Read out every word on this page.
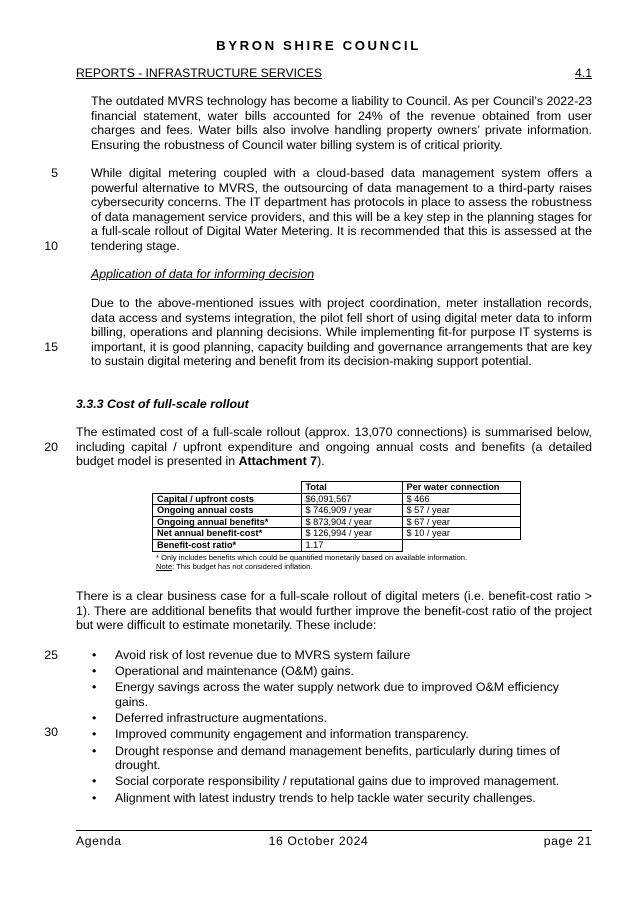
BYRON SHIRE COUNCIL
REPORTS - INFRASTRUCTURE SERVICES	4.1

The outdated MVRS technology has become a liability to Council. As per Council’s 2022-23 financial statement, water bills accounted for 24% of the revenue obtained from user charges and fees. Water bills also involve handling property owners’ private information. Ensuring the robustness of Council water billing system is of critical priority.

5	While digital metering coupled with a cloud-based data management system offers a powerful alternative to MVRS, the outsourcing of data management to a third-party raises cybersecurity concerns. The IT department has protocols in place to assess the robustness of data management service providers, and this will be a key step in the planning stages for a full-scale rollout of Digital Water Metering. It is recommended that this is assessed at the tendering stage.

10
Application of data for informing decision

Due to the above-mentioned issues with project coordination, meter installation records, data access and systems integration, the pilot fell short of using digital meter data to inform billing, operations and planning decisions. While implementing fit-for purpose IT systems is important, it is good planning, capacity building and governance arrangements that are key to sustain digital metering and benefit from its decision-making support potential.

15
3.3.3 Cost of full-scale rollout

The estimated cost of a full-scale rollout (approx. 13,070 connections) is summarised below, including capital / upfront expenditure and ongoing annual costs and benefits (a detailed budget model is presented in Attachment 7).

20
	Total	Per water connection
Capital / upfront costs	$6,091,567	$ 466
Ongoing annual costs	$ 746,909 / year	$ 57 / year
Ongoing annual benefits*	$ 873,904 / year	$ 67 / year
Net annual benefit-cost*	$ 126,994 / year	$ 10 / year
Benefit-cost ratio*	1.17	
* Only includes benefits which could be quantified monetarily based on available information.
Note: This budget has not considered inflation.

There is a clear business case for a full-scale rollout of digital meters (i.e. benefit-cost ratio > 1). There are additional benefits that would further improve the benefit-cost ratio of the project but were difficult to estimate monetarily. These include:

25
30
• Avoid risk of lost revenue due to MVRS system failure
• Operational and maintenance (O&M) gains.
• Energy savings across the water supply network due to improved O&M efficiency gains.
• Deferred infrastructure augmentations.
• Improved community engagement and information transparency.
• Drought response and demand management benefits, particularly during times of drought.
• Social corporate responsibility / reputational gains due to improved management.
• Alignment with latest industry trends to help tackle water security challenges.
Agenda	16 October 2024	page 21
